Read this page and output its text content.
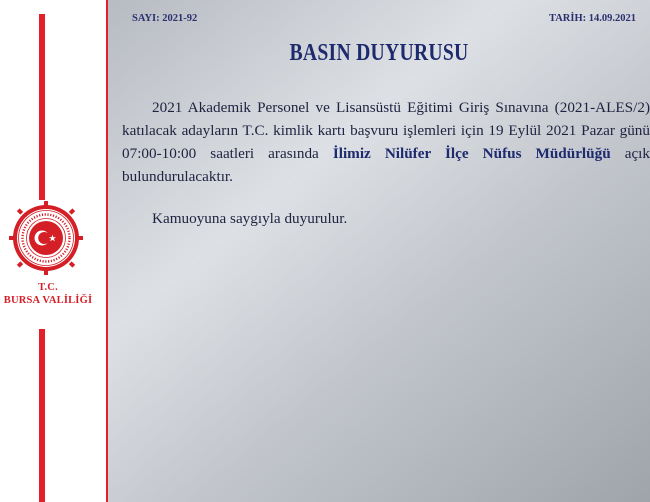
T.C.
BURSA VALİLİĞİ
SAYI: 2021-92	TARİH: 14.09.2021
BASIN DUYURUSU

2021 Akademik Personel ve Lisansüstü Eğitimi Giriş Sınavına (2021-ALES/2) katılacak adayların T.C. kimlik kartı başvuru işlemleri için 19 Eylül 2021 Pazar günü 07:00-10:00 saatleri arasında İlimiz Nilüfer İlçe Nüfus Müdürlüğü açık bulundurulacaktır.

Kamuoyuna saygıyla duyurulur.
